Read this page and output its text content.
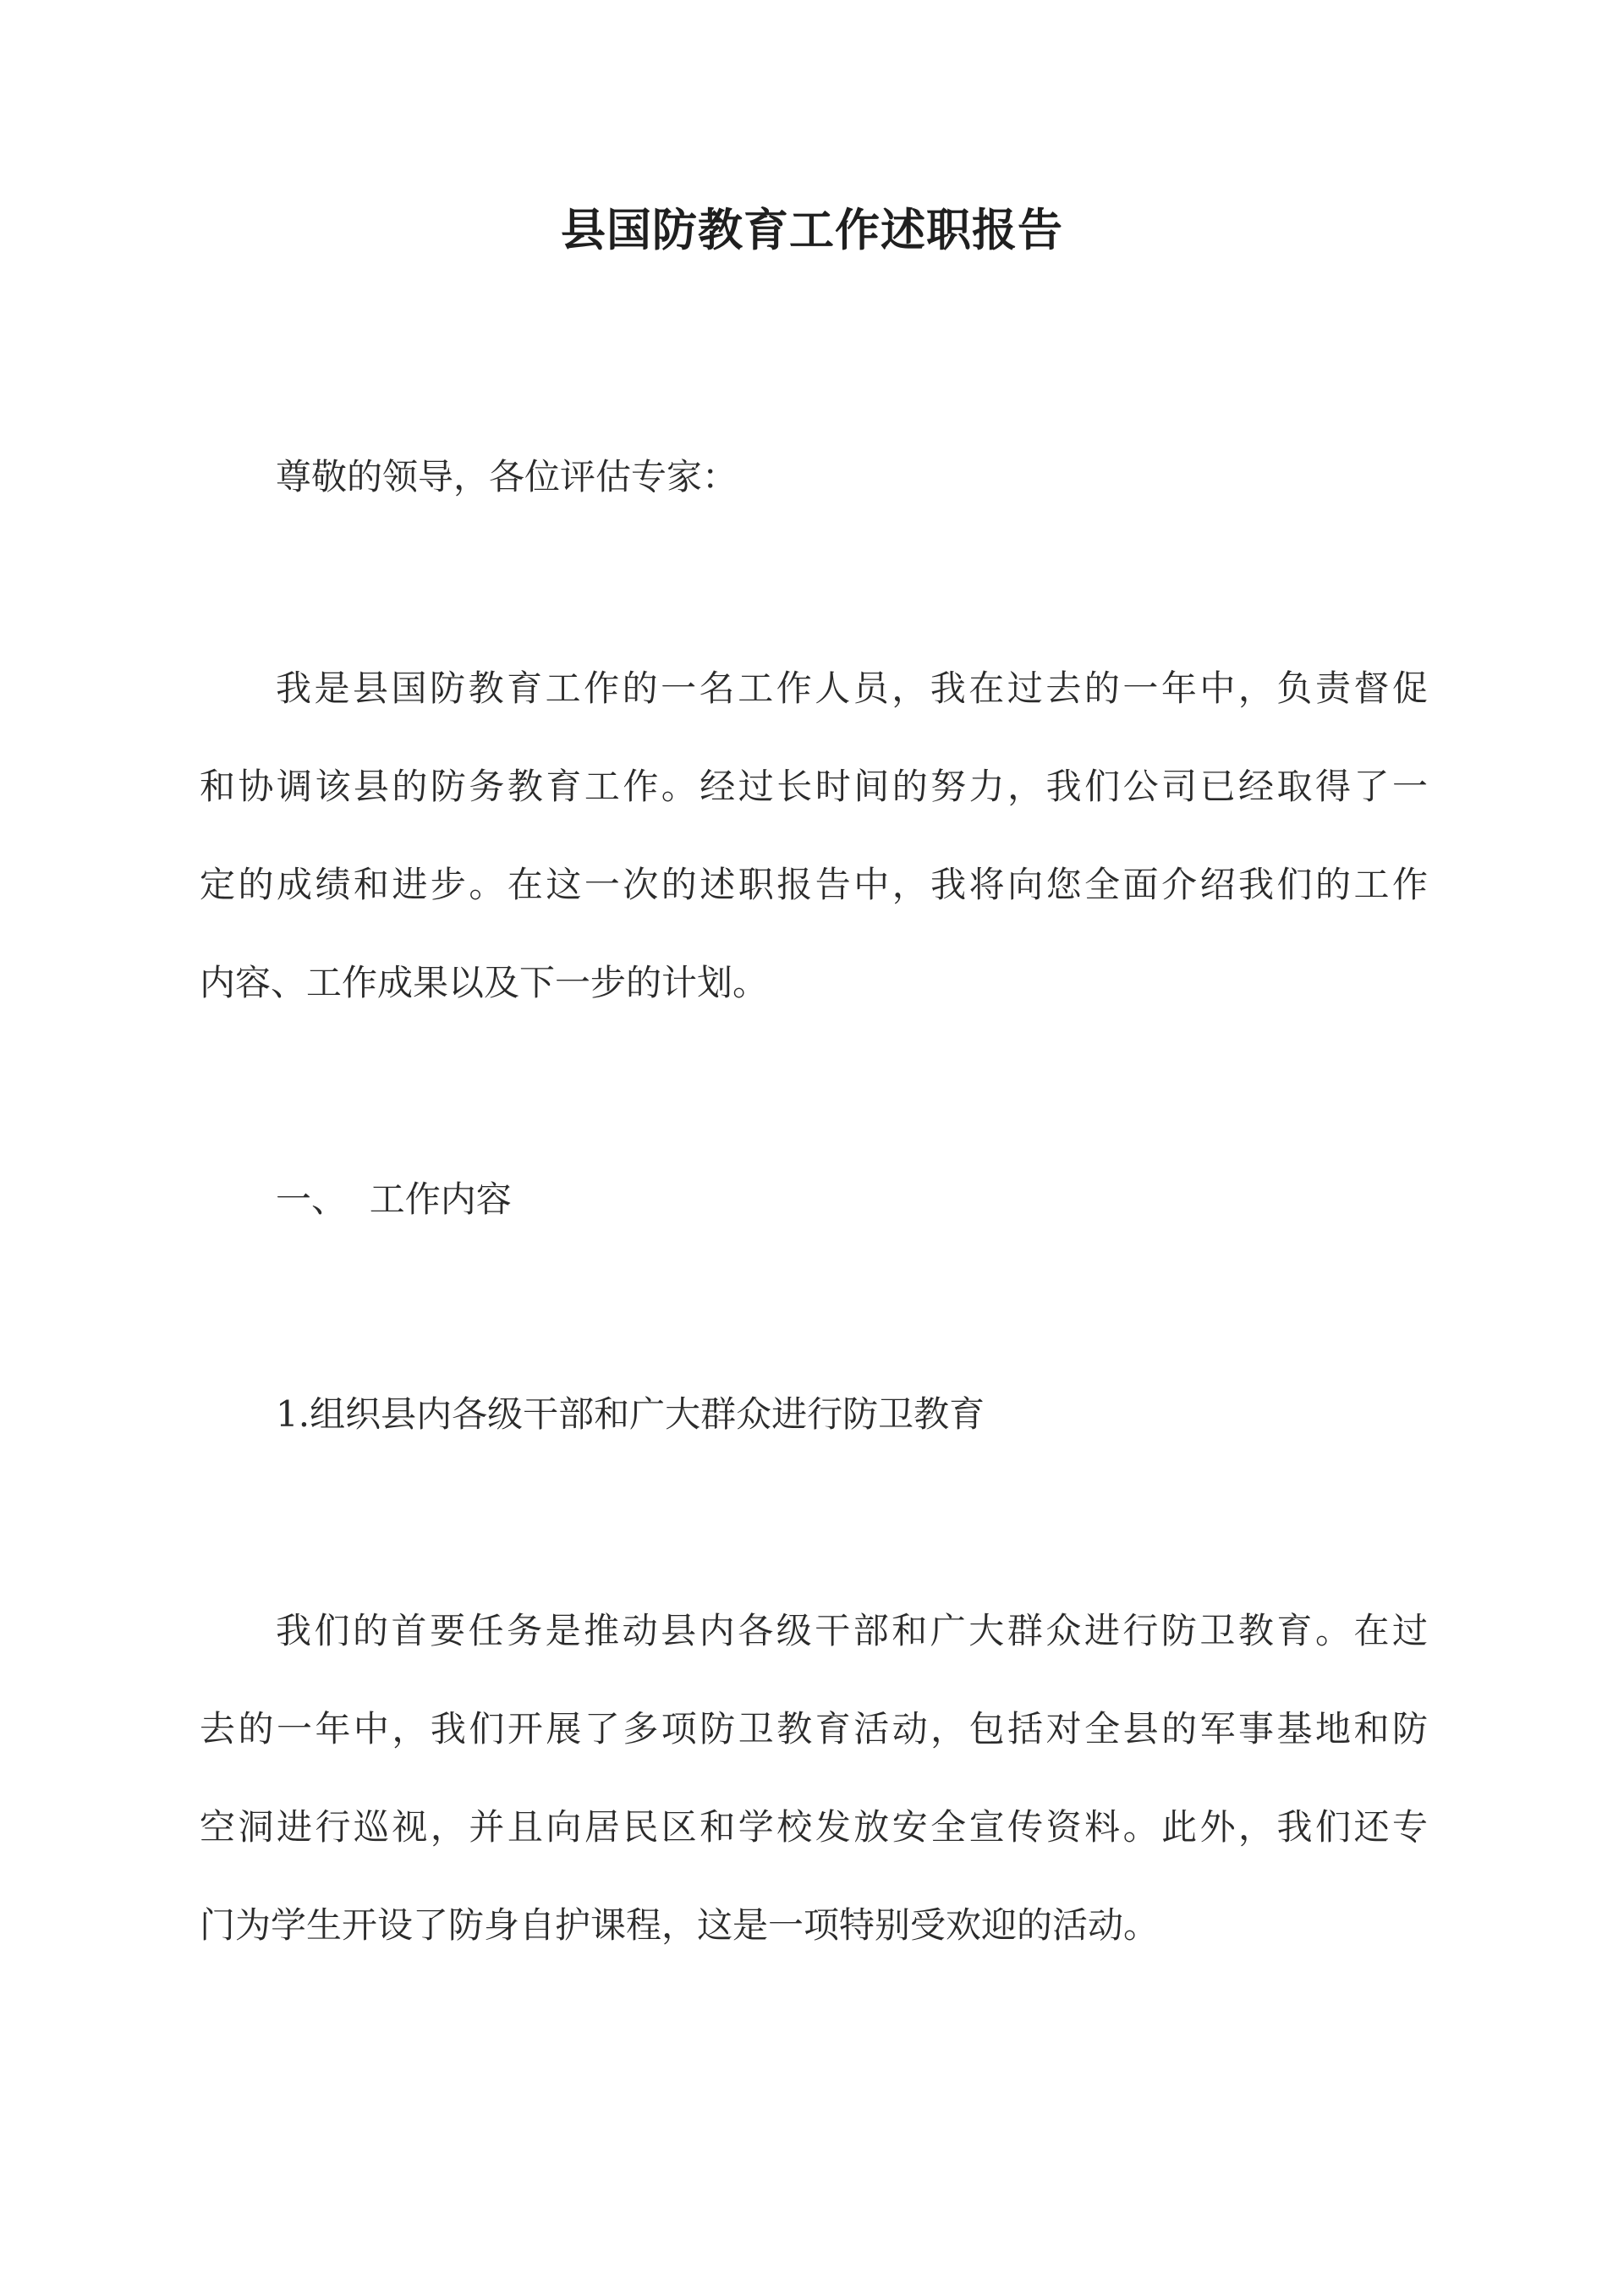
县国防教育工作述职报告
尊敬的领导，各位评估专家：
我是县国防教育工作的一名工作人员，我在过去的一年中，负责督促
和协调该县的防务教育工作。经过长时间的努力，我们公司已经取得了一
定的成绩和进步。在这一次的述职报告中，我将向您全面介绍我们的工作
内容、工作成果以及下一步的计划。
一、  工作内容
1.组织县内各级干部和广大群众进行防卫教育
我们的首要任务是推动县内各级干部和广大群众进行防卫教育。在过
去的一年中，我们开展了多项防卫教育活动，包括对全县的军事基地和防
空洞进行巡视，并且向居民区和学校发放安全宣传资料。此外，我们还专
门为学生开设了防身自护课程，这是一项特别受欢迎的活动。
